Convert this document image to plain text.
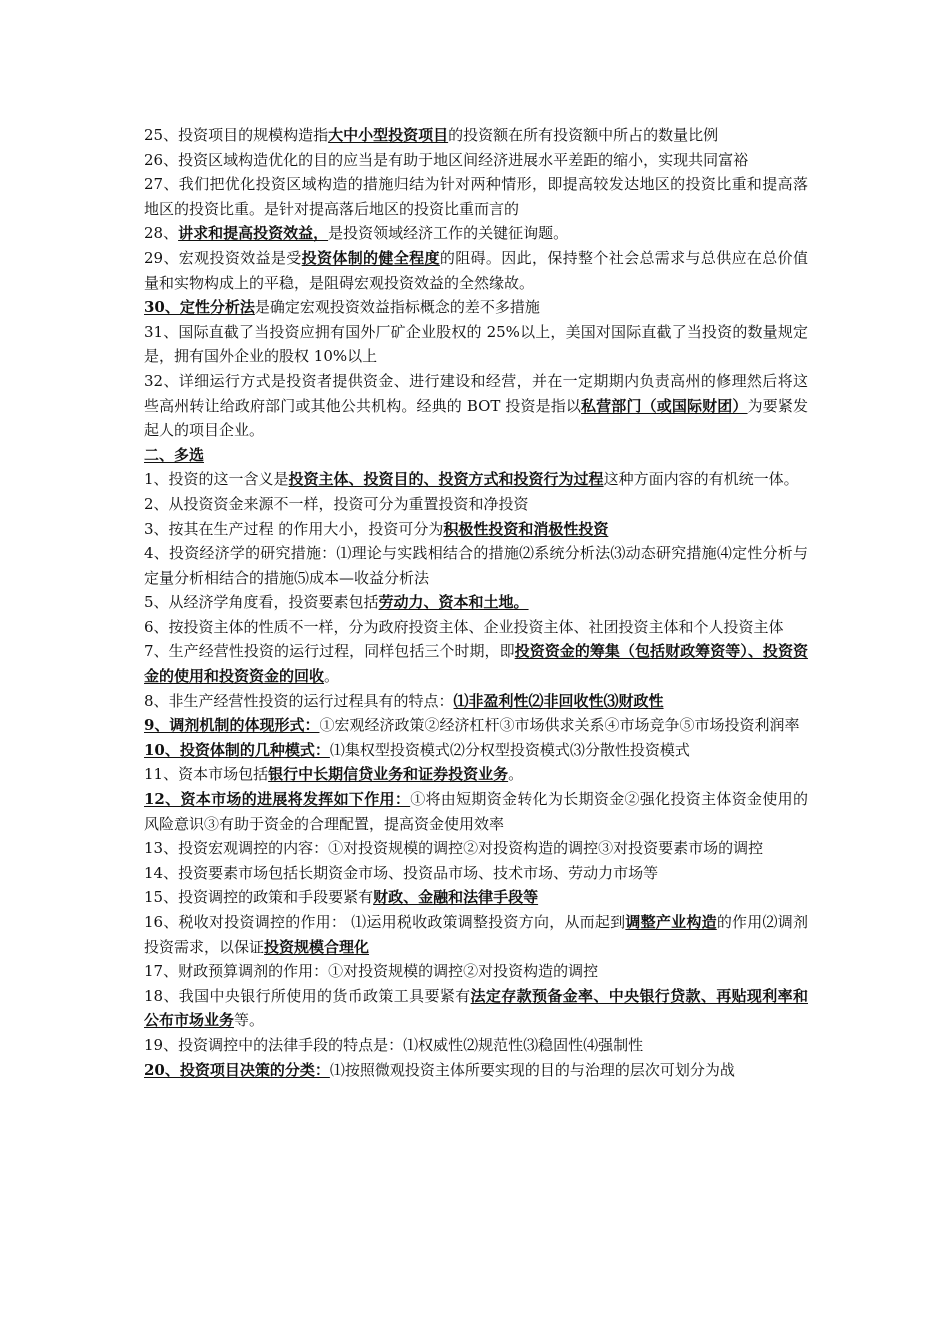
25、投资项目的规模构造指大中小型投资项目的投资额在所有投资额中所占的数量比例

26、投资区域构造优化的目的应当是有助于地区间经济进展水平差距的缩小，实现共同富裕

27、我们把优化投资区域构造的措施归结为针对两种情形，即提高较发达地区的投资比重和提高落地区的投资比重。是针对提高落后地区的投资比重而言的

28、讲求和提高投资效益，是投资领域经济工作的关键征询题。

29、宏观投资效益是受投资体制的健全程度的阻碍。因此，保持整个社会总需求与总供应在总价值量和实物构成上的平稳，是阻碍宏观投资效益的全然缘故。

30、定性分析法是确定宏观投资效益指标概念的差不多措施

31、国际直截了当投资应拥有国外厂矿企业股权的 25%以上，美国对国际直截了当投资的数量规定是，拥有国外企业的股权 10%以上

32、详细运行方式是投资者提供资金、进行建设和经营，并在一定期期内负责高州的修理然后将这些高州转让给政府部门或其他公共机构。经典的 BOT 投资是指以私营部门（或国际财团）为要紧发起人的项目企业。

二、多选

1、投资的这一含义是投资主体、投资目的、投资方式和投资行为过程这种方面内容的有机统一体。

2、从投资资金来源不一样，投资可分为重置投资和净投资

3、按其在生产过程 的作用大小，投资可分为积极性投资和消极性投资

4、投资经济学的研究措施：⑴理论与实践相结合的措施⑵系统分析法⑶动态研究措施⑷定性分析与定量分析相结合的措施⑸成本—收益分析法

5、从经济学角度看，投资要素包括劳动力、资本和土地。

6、按投资主体的性质不一样，分为政府投资主体、企业投资主体、社团投资主体和个人投资主体

7、生产经营性投资的运行过程，同样包括三个时期，即投资资金的筹集（包括财政筹资等）、投资资金的使用和投资资金的回收。

8、非生产经营性投资的运行过程具有的特点：⑴非盈利性⑵非回收性⑶财政性

9、调剂机制的体现形式：①宏观经济政策②经济杠杆③市场供求关系④市场竞争⑤市场投资利润率

10、投资体制的几种模式：⑴集权型投资模式⑵分权型投资模式⑶分散性投资模式

11、资本市场包括银行中长期信贷业务和证券投资业务。

12、资本市场的进展将发挥如下作用：①将由短期资金转化为长期资金②强化投资主体资金使用的风险意识③有助于资金的合理配置，提高资金使用效率

13、投资宏观调控的内容：①对投资规模的调控②对投资构造的调控③对投资要素市场的调控

14、投资要素市场包括长期资金市场、投资品市场、技术市场、劳动力市场等

15、投资调控的政策和手段要紧有财政、金融和法律手段等

16、税收对投资调控的作用： ⑴运用税收政策调整投资方向，从而起到调整产业构造的作用⑵调剂投资需求，以保证投资规模合理化

17、财政预算调剂的作用：①对投资规模的调控②对投资构造的调控

18、我国中央银行所使用的货币政策工具要紧有法定存款预备金率、中央银行贷款、再贴现利率和公布市场业务等。

19、投资调控中的法律手段的特点是：⑴权威性⑵规范性⑶稳固性⑷强制性

20、投资项目决策的分类：⑴按照微观投资主体所要实现的目的与治理的层次可划分为战
